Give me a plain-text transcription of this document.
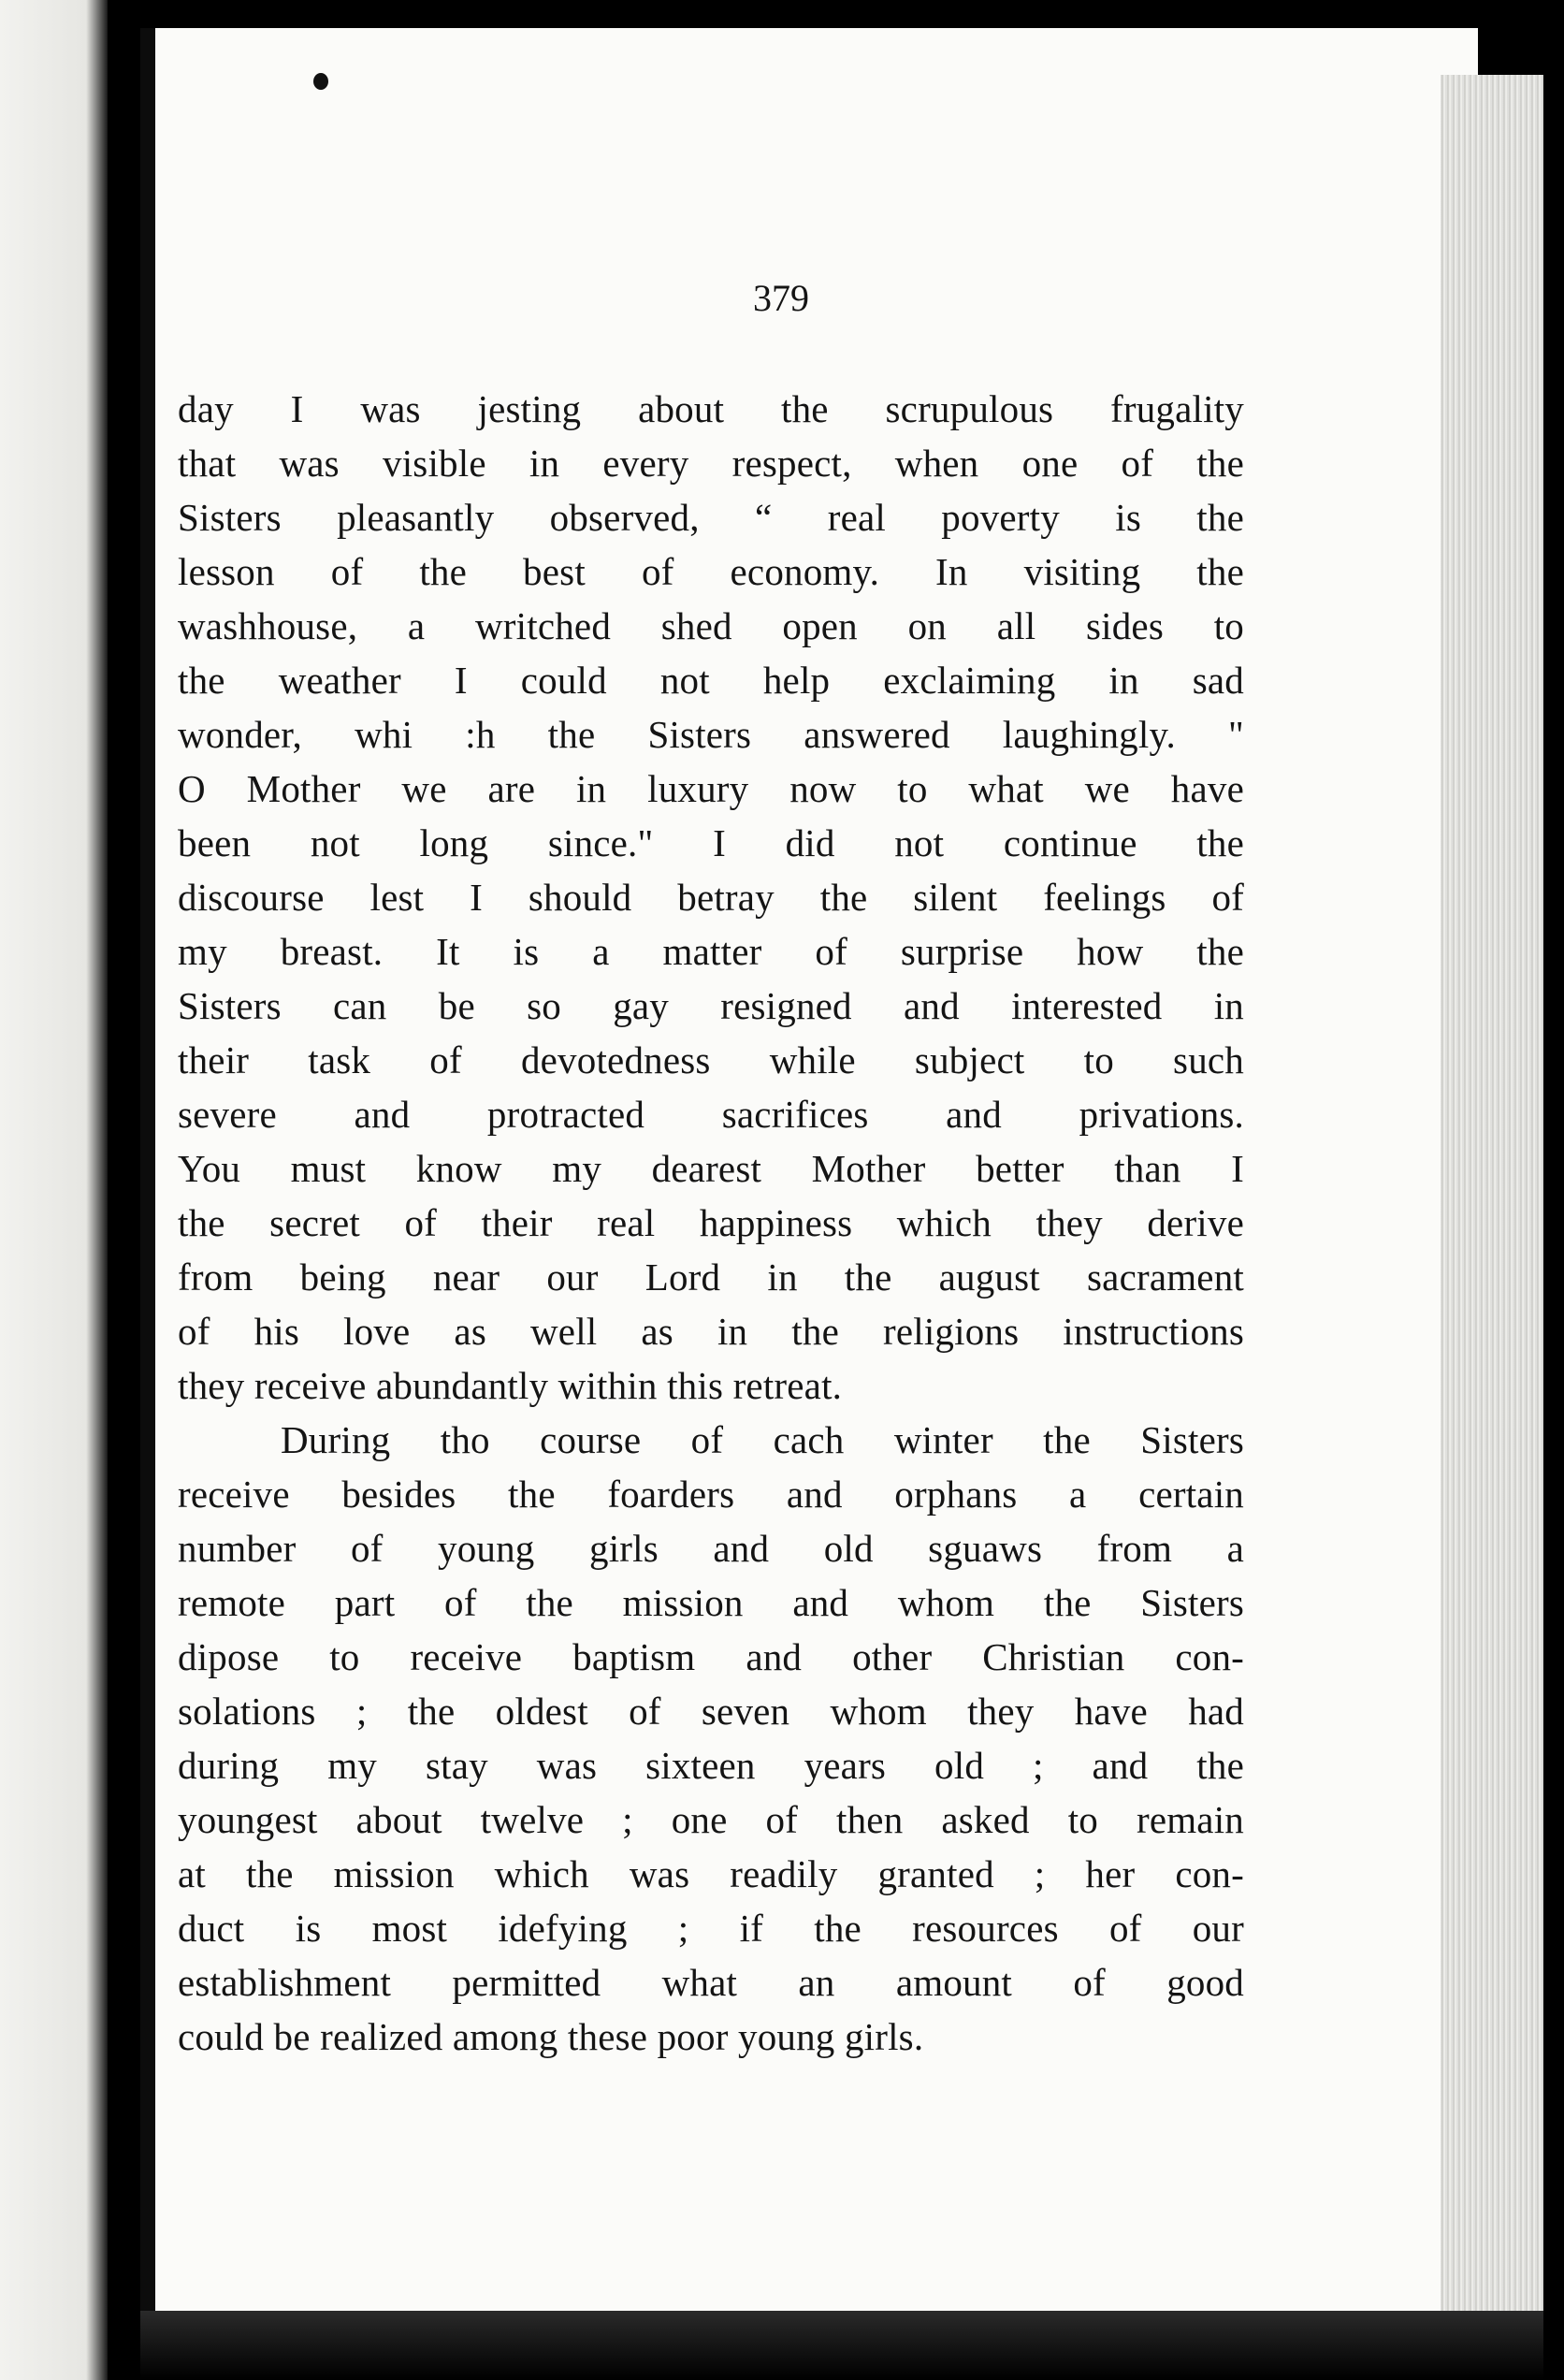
379
day I was jesting about the scrupulous frugality
that was visible in every respect, when one of the
Sisters pleasantly observed, “ real poverty is the
lesson of the best of economy. In visiting the
washhouse, a writched shed open on all sides to
the weather I could not help exclaiming in sad
wonder, whi :h the Sisters answered laughingly. "
O Mother we are in luxury now to what we have
been not long since." I did not continue the
discourse lest I should betray the silent feelings of
my breast. It is a matter of surprise how the
Sisters can be so gay resigned and interested in
their task of devotedness while subject to such
severe and protracted sacrifices and privations.
You must know my dearest Mother better than I
the secret of their real happiness which they derive
from being near our Lord in the august sacrament
of his love as well as in the religions instructions
they receive abundantly within this retreat.
During tho course of cach winter the Sisters
receive besides the foarders and orphans a certain
number of young girls and old sguaws from a
remote part of the mission and whom the Sisters
dipose to receive baptism and other Christian con-
solations ; the oldest of seven whom they have had
during my stay was sixteen years old ; and the
youngest about twelve ; one of then asked to remain
at the mission which was readily granted ; her con-
duct is most idefying ; if the resources of our
establishment permitted what an amount of good
could be realized among these poor young girls.
